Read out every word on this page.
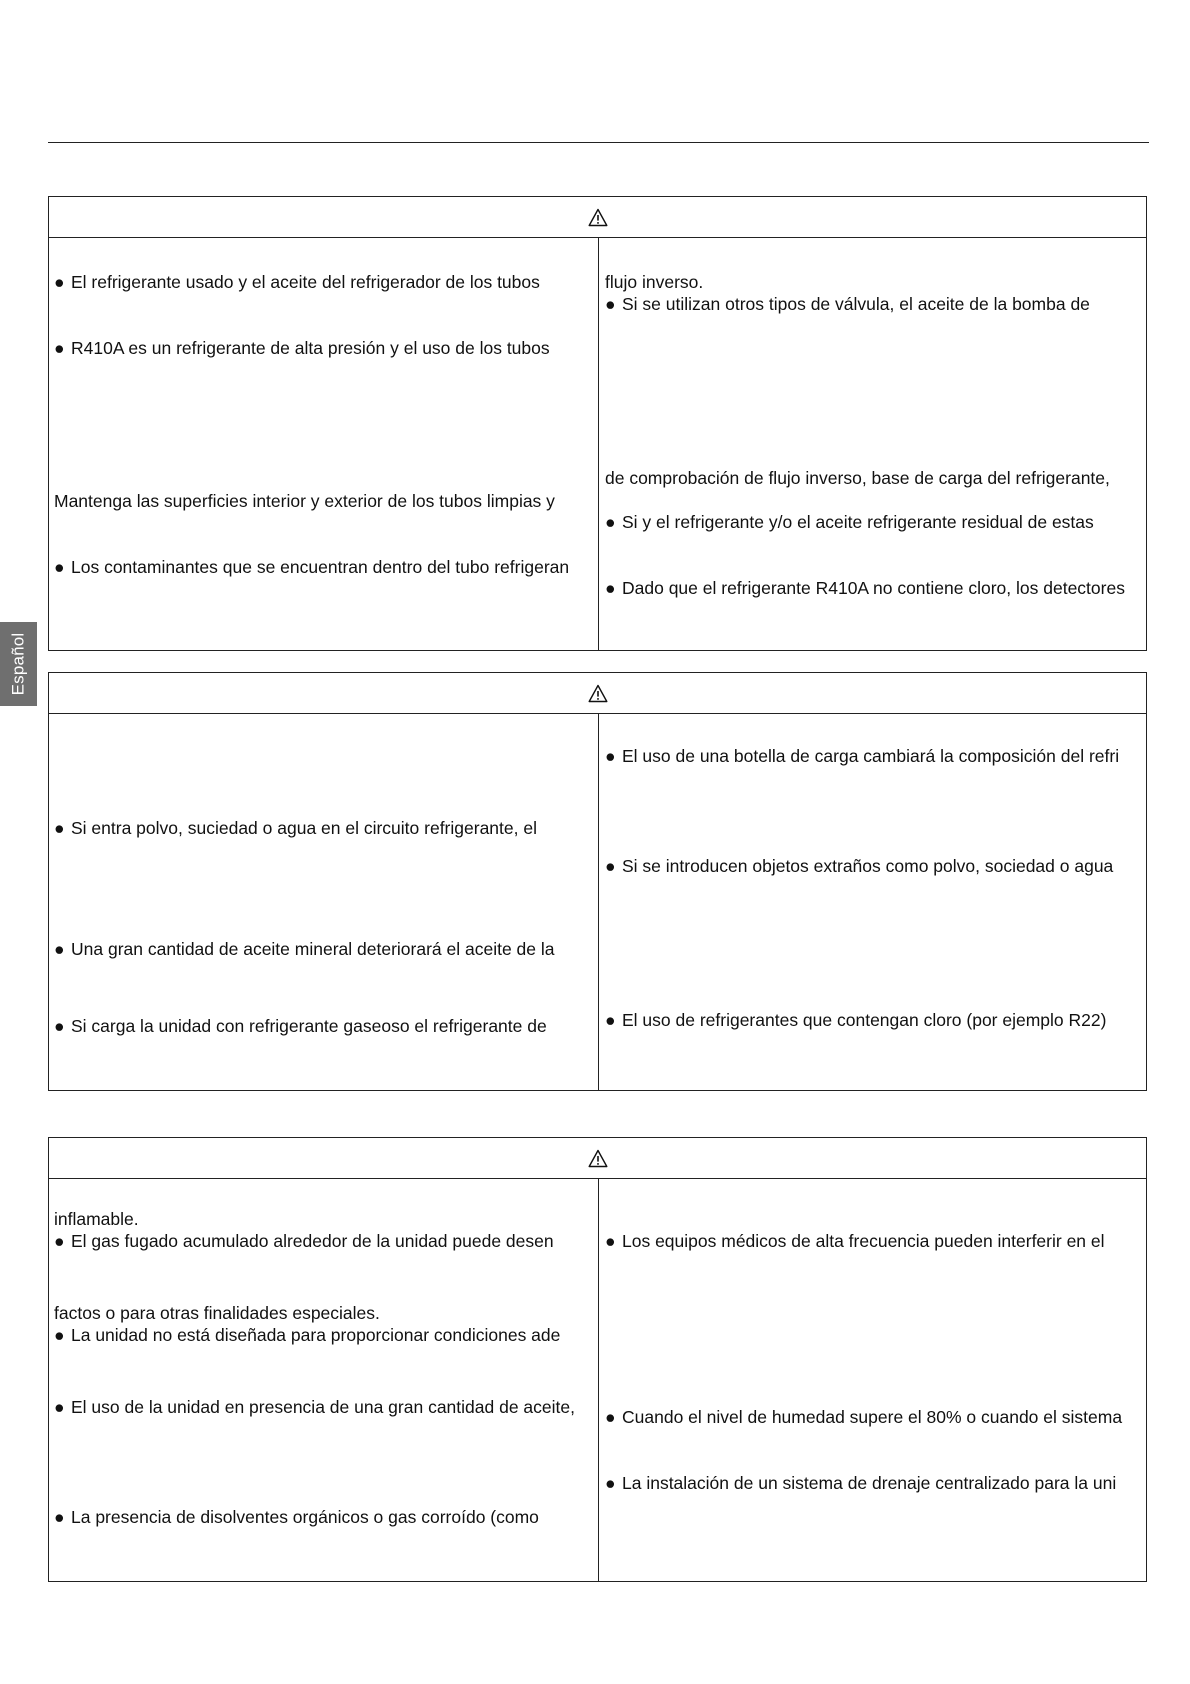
Español
● El refrigerante usado y el aceite del refrigerador de los tubos
● R410A es un refrigerante de alta presión y el uso de los tubos
Mantenga las superficies interior y exterior de los tubos limpias y
● Los contaminantes que se encuentran dentro del tubo refrigeran
flujo inverso.
● Si se utilizan otros tipos de válvula, el aceite de la bomba de
de comprobación de flujo inverso, base de carga del refrigerante,
● Si y el refrigerante y/o el aceite refrigerante residual de estas
● Dado que el refrigerante R410A no contiene cloro, los detectores
● Si entra polvo, suciedad o agua en el circuito refrigerante, el
● Una gran cantidad de aceite mineral deteriorará el aceite de la
● Si carga la unidad con refrigerante gaseoso el refrigerante de
● El uso de una botella de carga cambiará la composición del refri
● Si se introducen objetos extraños como polvo, sociedad o agua
● El uso de refrigerantes que contengan cloro (por ejemplo R22)
inflamable.
● El gas fugado acumulado alrededor de la unidad puede desen
factos o para otras finalidades especiales.
● La unidad no está diseñada para proporcionar condiciones ade
● El uso de la unidad en presencia de una gran cantidad de aceite,
● La presencia de disolventes orgánicos o gas corroído (como
● Los equipos médicos de alta frecuencia pueden interferir en el
● Cuando el nivel de humedad supere el 80% o cuando el sistema
● La instalación de un sistema de drenaje centralizado para la uni
